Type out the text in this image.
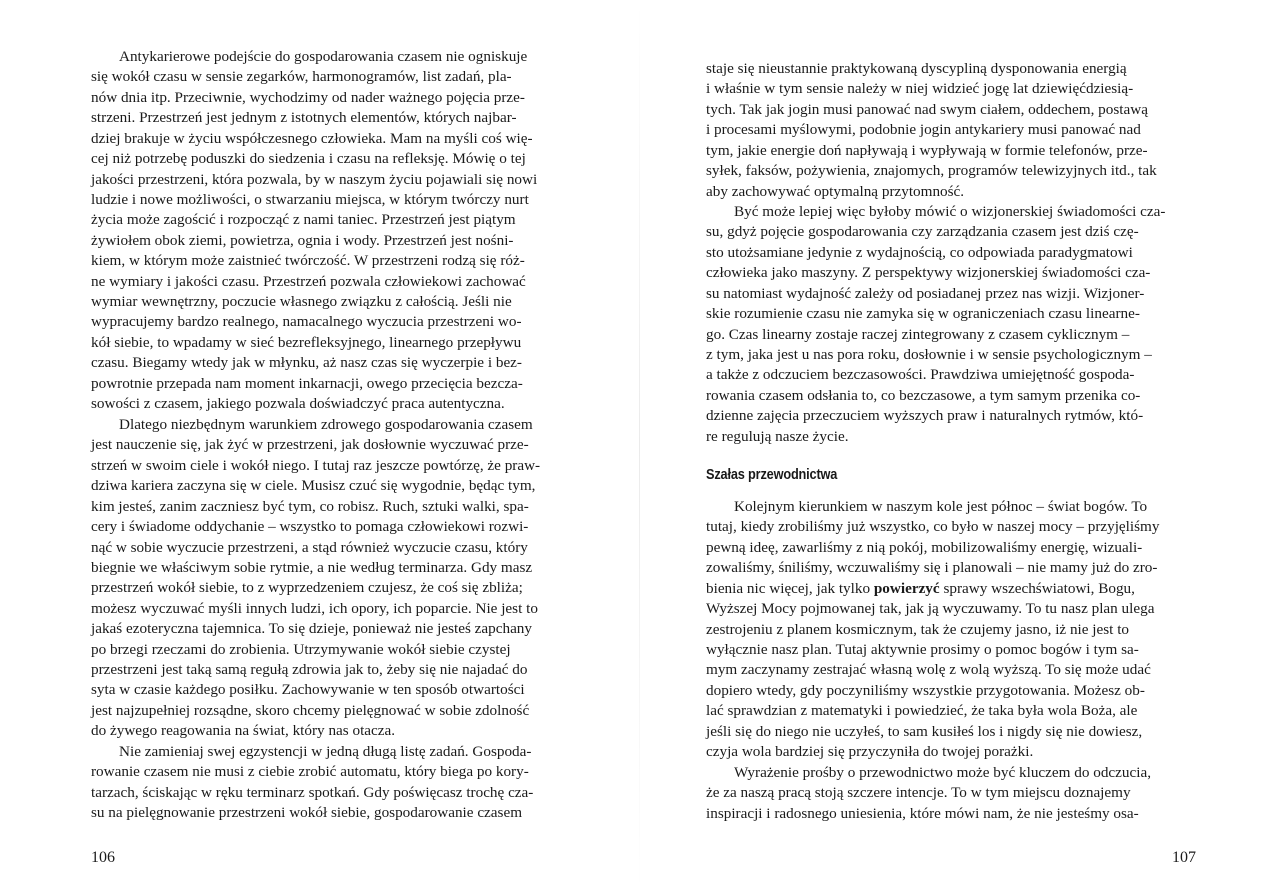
Antykarierowe podejście do gospodarowania czasem nie ogniskuje
się wokół czasu w sensie zegarków, harmonogramów, list zadań, pla-
nów dnia itp. Przeciwnie, wychodzimy od nader ważnego pojęcia prze-
strzeni. Przestrzeń jest jednym z istotnych elementów, których najbar-
dziej brakuje w życiu współczesnego człowieka. Mam na myśli coś wię-
cej niż potrzebę poduszki do siedzenia i czasu na refleksję. Mówię o tej
jakości przestrzeni, która pozwala, by w naszym życiu pojawiali się nowi
ludzie i nowe możliwości, o stwarzaniu miejsca, w którym twórczy nurt
życia może zagościć i rozpocząć z nami taniec. Przestrzeń jest piątym
żywiołem obok ziemi, powietrza, ognia i wody. Przestrzeń jest nośni-
kiem, w którym może zaistnieć twórczość. W przestrzeni rodzą się róż-
ne wymiary i jakości czasu. Przestrzeń pozwala człowiekowi zachować
wymiar wewnętrzny, poczucie własnego związku z całością. Jeśli nie
wypracujemy bardzo realnego, namacalnego wyczucia przestrzeni wo-
kół siebie, to wpadamy w sieć bezrefleksyjnego, linearnego przepływu
czasu. Biegamy wtedy jak w młynku, aż nasz czas się wyczerpie i bez-
powrotnie przepada nam moment inkarnacji, owego przecięcia bezcza-
sowości z czasem, jakiego pozwala doświadczyć praca autentyczna.
Dlatego niezbędnym warunkiem zdrowego gospodarowania czasem
jest nauczenie się, jak żyć w przestrzeni, jak dosłownie wyczuwać prze-
strzeń w swoim ciele i wokół niego. I tutaj raz jeszcze powtórzę, że praw-
dziwa kariera zaczyna się w ciele. Musisz czuć się wygodnie, będąc tym,
kim jesteś, zanim zaczniesz być tym, co robisz. Ruch, sztuki walki, spa-
cery i świadome oddychanie – wszystko to pomaga człowiekowi rozwi-
nąć w sobie wyczucie przestrzeni, a stąd również wyczucie czasu, który
biegnie we właściwym sobie rytmie, a nie według terminarza. Gdy masz
przestrzeń wokół siebie, to z wyprzedzeniem czujesz, że coś się zbliża;
możesz wyczuwać myśli innych ludzi, ich opory, ich poparcie. Nie jest to
jakaś ezoteryczna tajemnica. To się dzieje, ponieważ nie jesteś zapchany
po brzegi rzeczami do zrobienia. Utrzymywanie wokół siebie czystej
przestrzeni jest taką samą regułą zdrowia jak to, żeby się nie najadać do
syta w czasie każdego posiłku. Zachowywanie w ten sposób otwartości
jest najzupełniej rozsądne, skoro chcemy pielęgnować w sobie zdolność
do żywego reagowania na świat, który nas otacza.
Nie zamieniaj swej egzystencji w jedną długą listę zadań. Gospoda-
rowanie czasem nie musi z ciebie zrobić automatu, który biega po kory-
tarzach, ściskając w ręku terminarz spotkań. Gdy poświęcasz trochę cza-
su na pielęgnowanie przestrzeni wokół siebie, gospodarowanie czasem

106

staje się nieustannie praktykowaną dyscypliną dysponowania energią
i właśnie w tym sensie należy w niej widzieć jogę lat dziewięćdziesią-
tych. Tak jak jogin musi panować nad swym ciałem, oddechem, postawą
i procesami myślowymi, podobnie jogin antykariery musi panować nad
tym, jakie energie doń napływają i wypływają w formie telefonów, prze-
syłek, faksów, pożywienia, znajomych, programów telewizyjnych itd., tak
aby zachowywać optymalną przytomność.
Być może lepiej więc byłoby mówić o wizjonerskiej świadomości cza-
su, gdyż pojęcie gospodarowania czy zarządzania czasem jest dziś czę-
sto utożsamiane jedynie z wydajnością, co odpowiada paradygmatowi
człowieka jako maszyny. Z perspektywy wizjonerskiej świadomości cza-
su natomiast wydajność zależy od posiadanej przez nas wizji. Wizjoner-
skie rozumienie czasu nie zamyka się w ograniczeniach czasu linearne-
go. Czas linearny zostaje raczej zintegrowany z czasem cyklicznym –
z tym, jaka jest u nas pora roku, dosłownie i w sensie psychologicznym –
a także z odczuciem bezczasowości. Prawdziwa umiejętność gospoda-
rowania czasem odsłania to, co bezczasowe, a tym samym przenika co-
dzienne zajęcia przeczuciem wyższych praw i naturalnych rytmów, któ-
re regulują nasze życie.
Szałas przewodnictwa
Kolejnym kierunkiem w naszym kole jest północ – świat bogów. To
tutaj, kiedy zrobiliśmy już wszystko, co było w naszej mocy – przyjęliśmy
pewną ideę, zawarliśmy z nią pokój, mobilizowaliśmy energię, wizuali-
zowaliśmy, śniliśmy, wczuwaliśmy się i planowali – nie mamy już do zro-
bienia nic więcej, jak tylko powierzyć sprawy wszechświatowi, Bogu,
Wyższej Mocy pojmowanej tak, jak ją wyczuwamy. To tu nasz plan ulega
zestrojeniu z planem kosmicznym, tak że czujemy jasno, iż nie jest to
wyłącznie nasz plan. Tutaj aktywnie prosimy o pomoc bogów i tym sa-
mym zaczynamy zestrajać własną wolę z wolą wyższą. To się może udać
dopiero wtedy, gdy poczyniliśmy wszystkie przygotowania. Możesz ob-
lać sprawdzian z matematyki i powiedzieć, że taka była wola Boża, ale
jeśli się do niego nie uczyłeś, to sam kusiłeś los i nigdy się nie dowiesz,
czyja wola bardziej się przyczyniła do twojej porażki.
Wyrażenie prośby o przewodnictwo może być kluczem do odczucia,
że za naszą pracą stoją szczere intencje. To w tym miejscu doznajemy
inspiracji i radosnego uniesienia, które mówi nam, że nie jesteśmy osa-

107
